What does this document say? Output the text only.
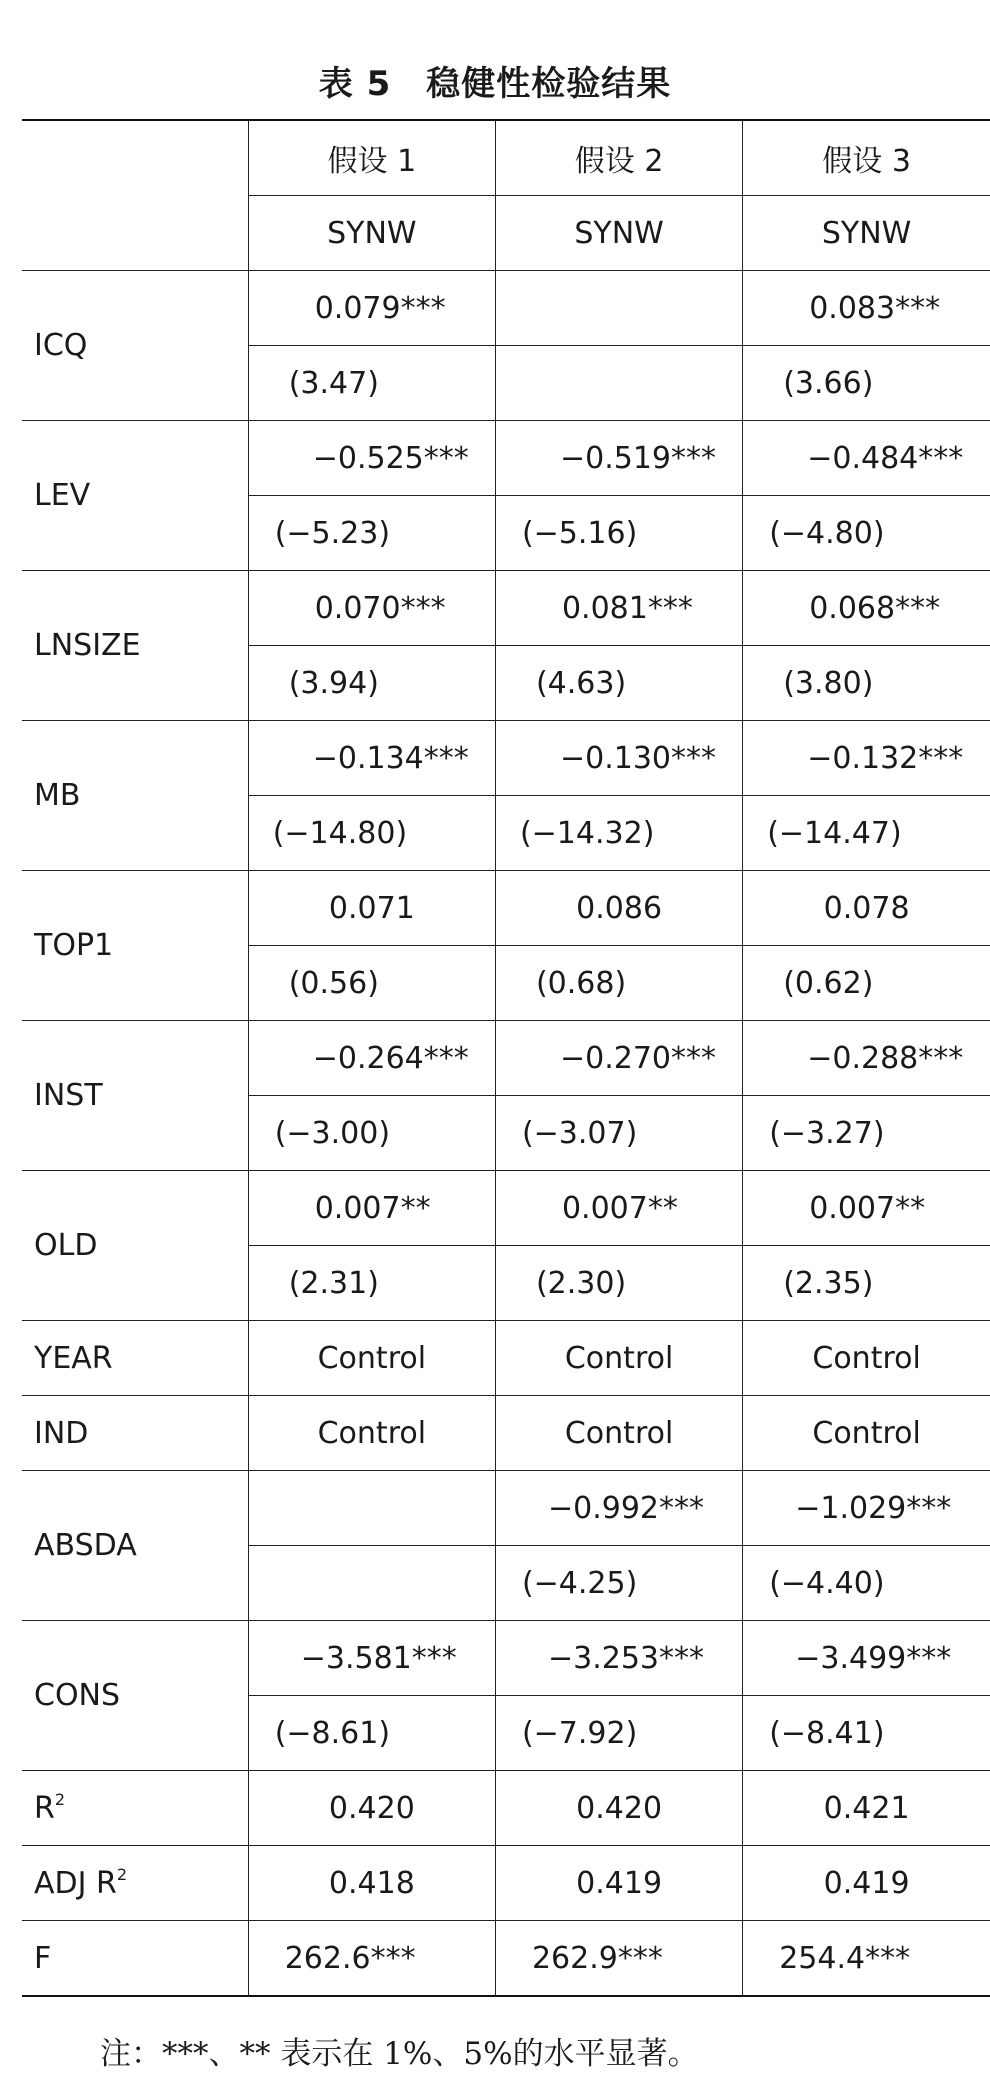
表 5　稳健性检验结果
	假设 1	假设 2	假设 3
	SYNW	SYNW	SYNW
ICQ	0.079***		0.083***
	(3.47)		(3.66)
LEV	−0.525***	−0.519***	−0.484***
	(−5.23)	(−5.16)	(−4.80)
LNSIZE	0.070***	0.081***	0.068***
	(3.94)	(4.63)	(3.80)
MB	−0.134***	−0.130***	−0.132***
	(−14.80)	(−14.32)	(−14.47)
TOP1	0.071	0.086	0.078
	(0.56)	(0.68)	(0.62)
INST	−0.264***	−0.270***	−0.288***
	(−3.00)	(−3.07)	(−3.27)
OLD	0.007**	0.007**	0.007**
	(2.31)	(2.30)	(2.35)
YEAR	Control	Control	Control
IND	Control	Control	Control
ABSDA		−0.992***	−1.029***
		(−4.25)	(−4.40)
CONS	−3.581***	−3.253***	−3.499***
	(−8.61)	(−7.92)	(−8.41)
$R^2$	0.420	0.420	0.421
ADJ $R^2$	0.418	0.419	0.419
F	262.6***	262.9***	254.4***
注：***、** 表示在 1%、5%的水平显著。
